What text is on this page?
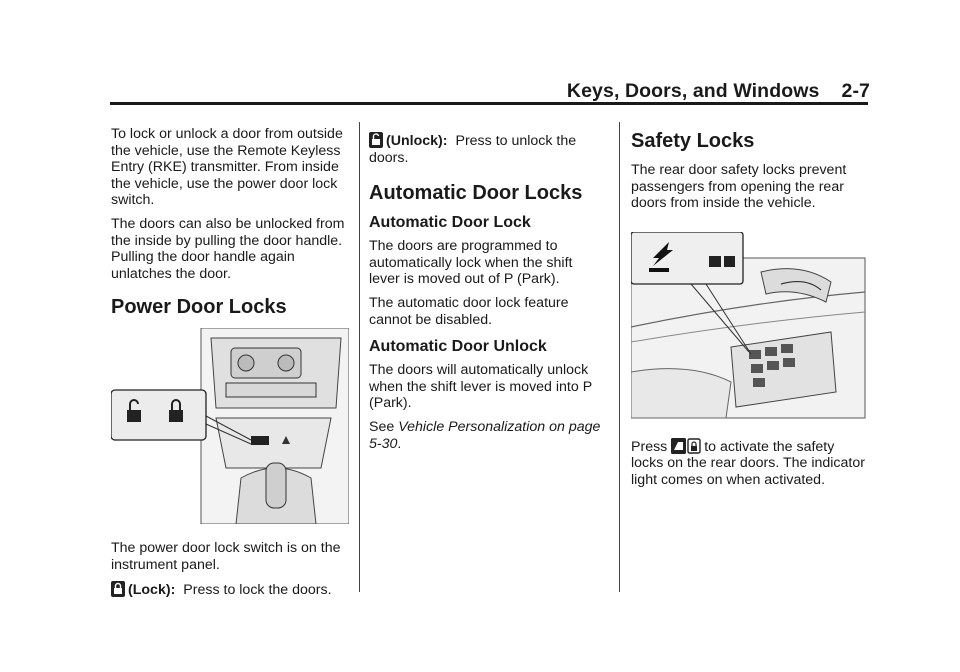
Keys, Doors, and Windows 2-7

To lock or unlock a door from outside the vehicle, use the Remote Keyless Entry (RKE) transmitter. From inside the vehicle, use the power door lock switch.

The doors can also be unlocked from the inside by pulling the door handle. Pulling the door handle again unlatches the door.

Power Door Locks

The power door lock switch is on the instrument panel.

(Lock): Press to lock the doors.

(Unlock): Press to unlock the doors.

Automatic Door Locks
Automatic Door Lock

The doors are programmed to automatically lock when the shift lever is moved out of P (Park).

The automatic door lock feature cannot be disabled.

Automatic Door Unlock

The doors will automatically unlock when the shift lever is moved into P (Park).

See Vehicle Personalization on page 5-30.

Safety Locks

The rear door safety locks prevent passengers from opening the rear doors from inside the vehicle.

Press	to activate the safety locks on the rear doors. The indicator light comes on when activated.
